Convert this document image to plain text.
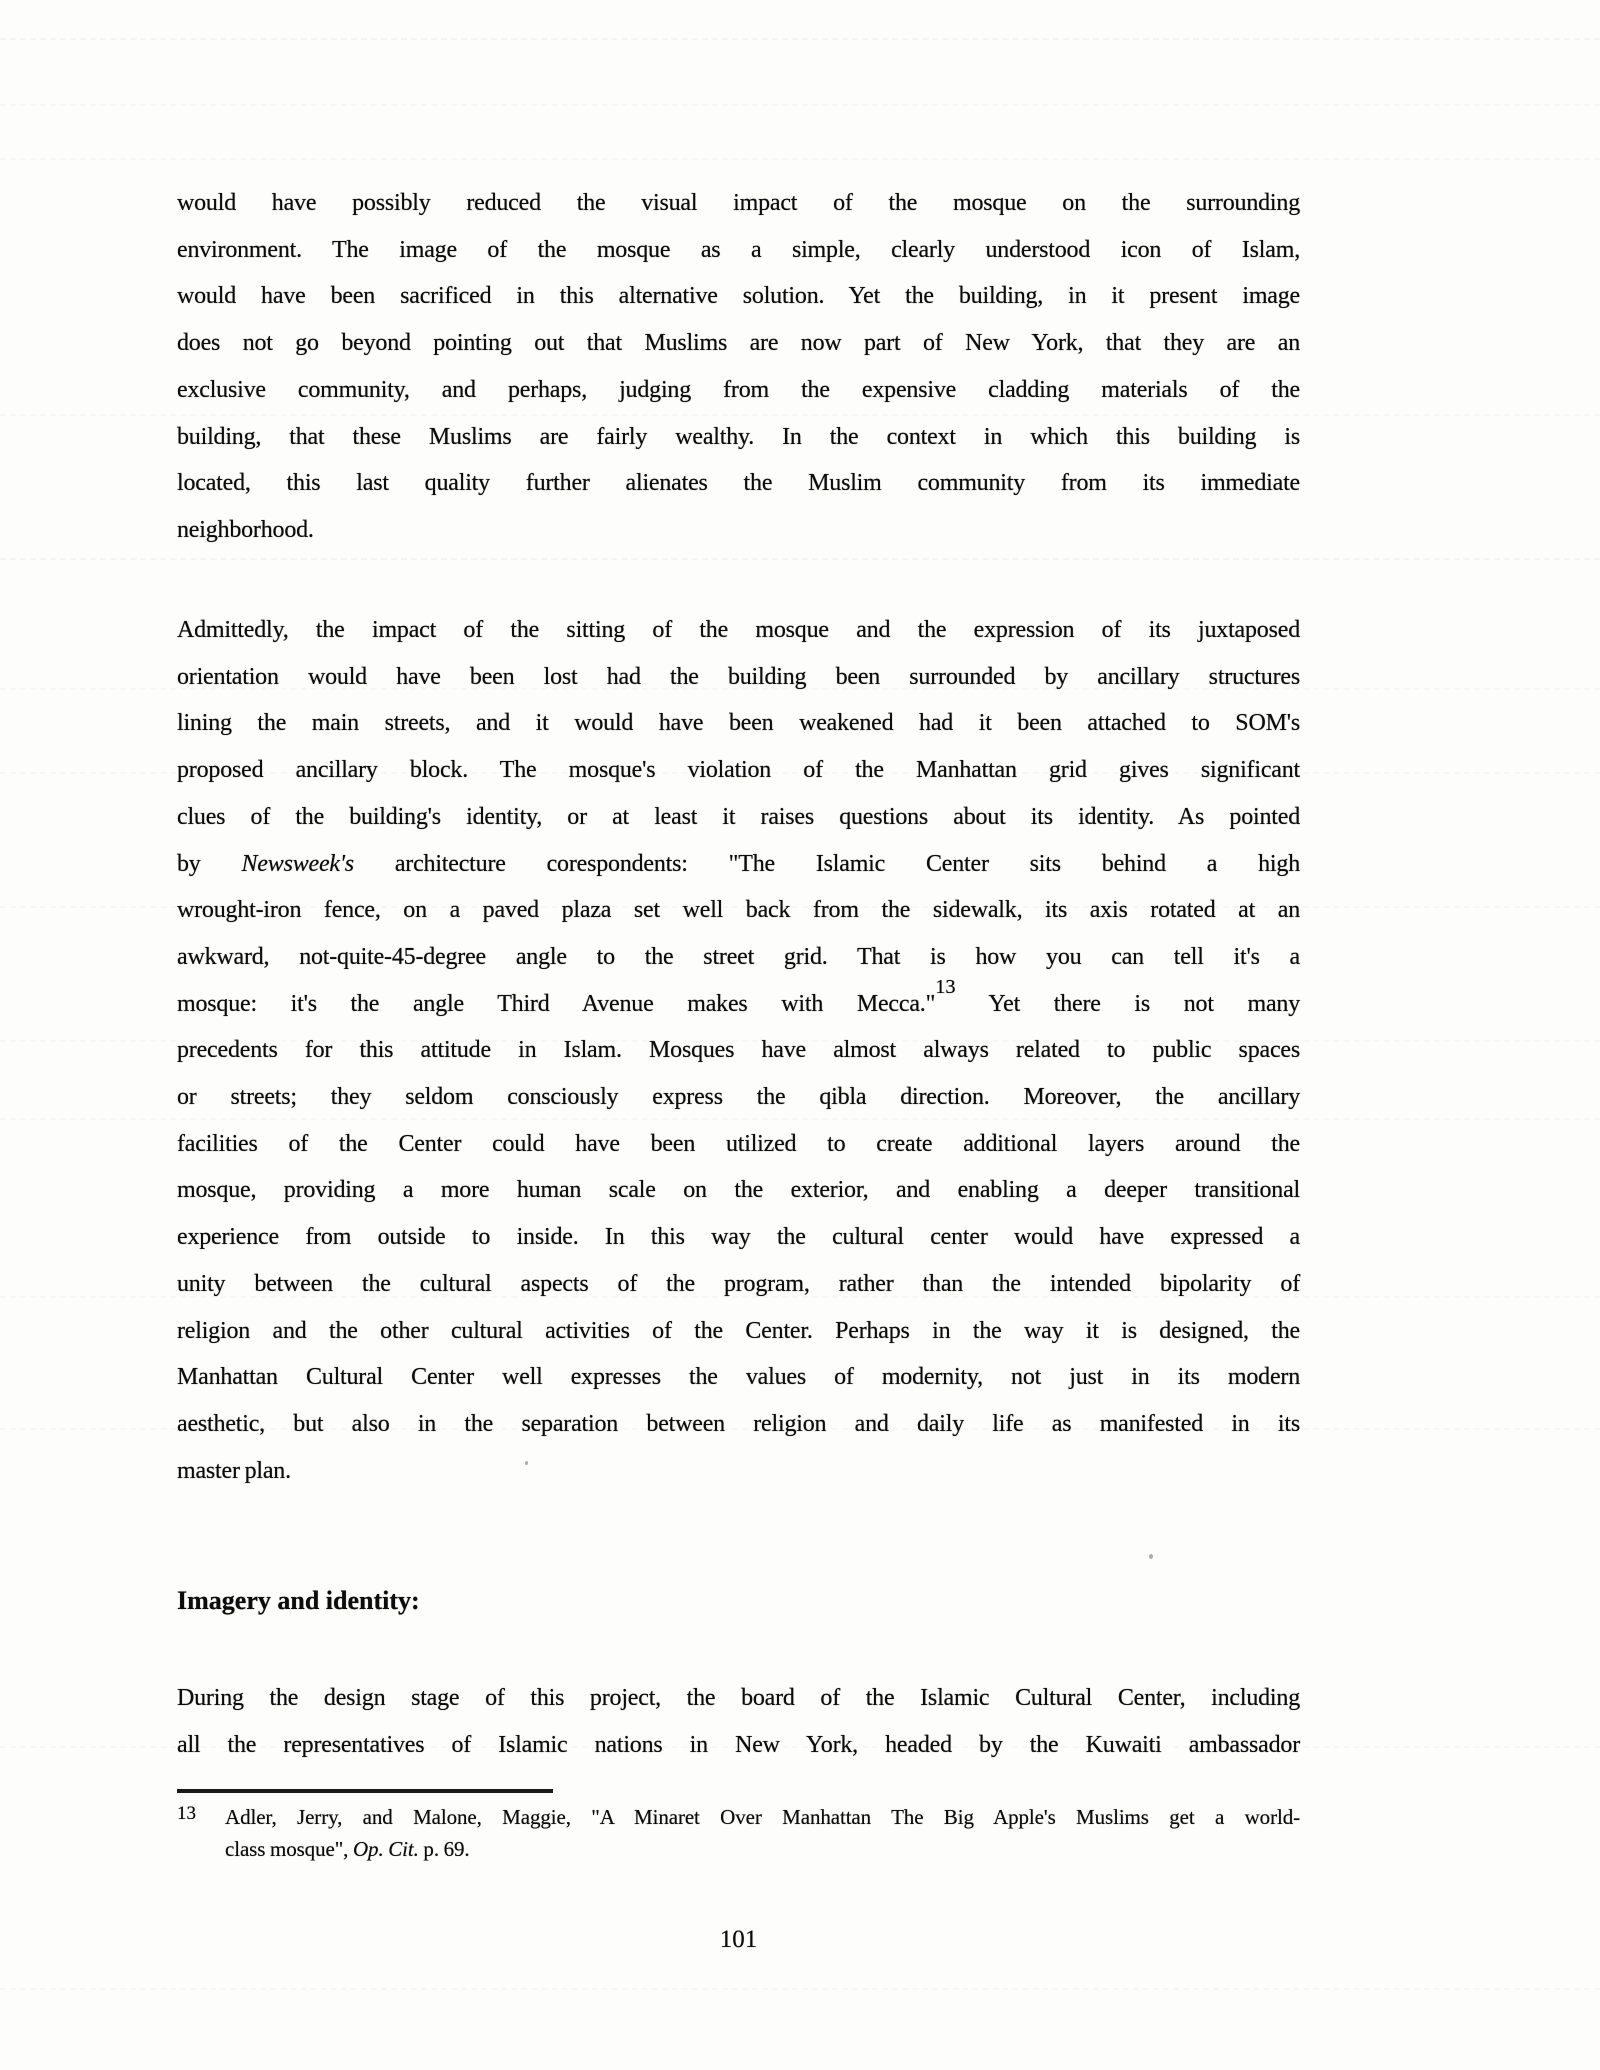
would have possibly reduced the visual impact of the mosque on the surrounding
environment. The image of the mosque as a simple, clearly understood icon of Islam,
would have been sacrificed in this alternative solution. Yet the building, in it present image
does not go beyond pointing out that Muslims are now part of New York, that they are an
exclusive community, and perhaps, judging from the expensive cladding materials of the
building, that these Muslims are fairly wealthy. In the context in which this building is
located, this last quality further alienates the Muslim community from its immediate
neighborhood.
Admittedly, the impact of the sitting of the mosque and the expression of its juxtaposed
orientation would have been lost had the building been surrounded by ancillary structures
lining the main streets, and it would have been weakened had it been attached to SOM's
proposed ancillary block. The mosque's violation of the Manhattan grid gives significant
clues of the building's identity, or at least it raises questions about its identity. As pointed
by Newsweek's architecture corespondents: "The Islamic Center sits behind a high
wrought-iron fence, on a paved plaza set well back from the sidewalk, its axis rotated at an
awkward, not-quite-45-degree angle to the street grid. That is how you can tell it's a
mosque: it's the angle Third Avenue makes with Mecca."$^{13}$ Yet there is not many
precedents for this attitude in Islam. Mosques have almost always related to public spaces
or streets; they seldom consciously express the qibla direction. Moreover, the ancillary
facilities of the Center could have been utilized to create additional layers around the
mosque, providing a more human scale on the exterior, and enabling a deeper transitional
experience from outside to inside. In this way the cultural center would have expressed a
unity between the cultural aspects of the program, rather than the intended bipolarity of
religion and the other cultural activities of the Center. Perhaps in the way it is designed, the
Manhattan Cultural Center well expresses the values of modernity, not just in its modern
aesthetic, but also in the separation between religion and daily life as manifested in its
master plan.
Imagery and identity:
During the design stage of this project, the board of the Islamic Cultural Center, including
all the representatives of Islamic nations in New York, headed by the Kuwaiti ambassador
13 Adler, Jerry, and Malone, Maggie, "A Minaret Over Manhattan The Big Apple's Muslims get a world-
class mosque", Op. Cit. p. 69.
101
